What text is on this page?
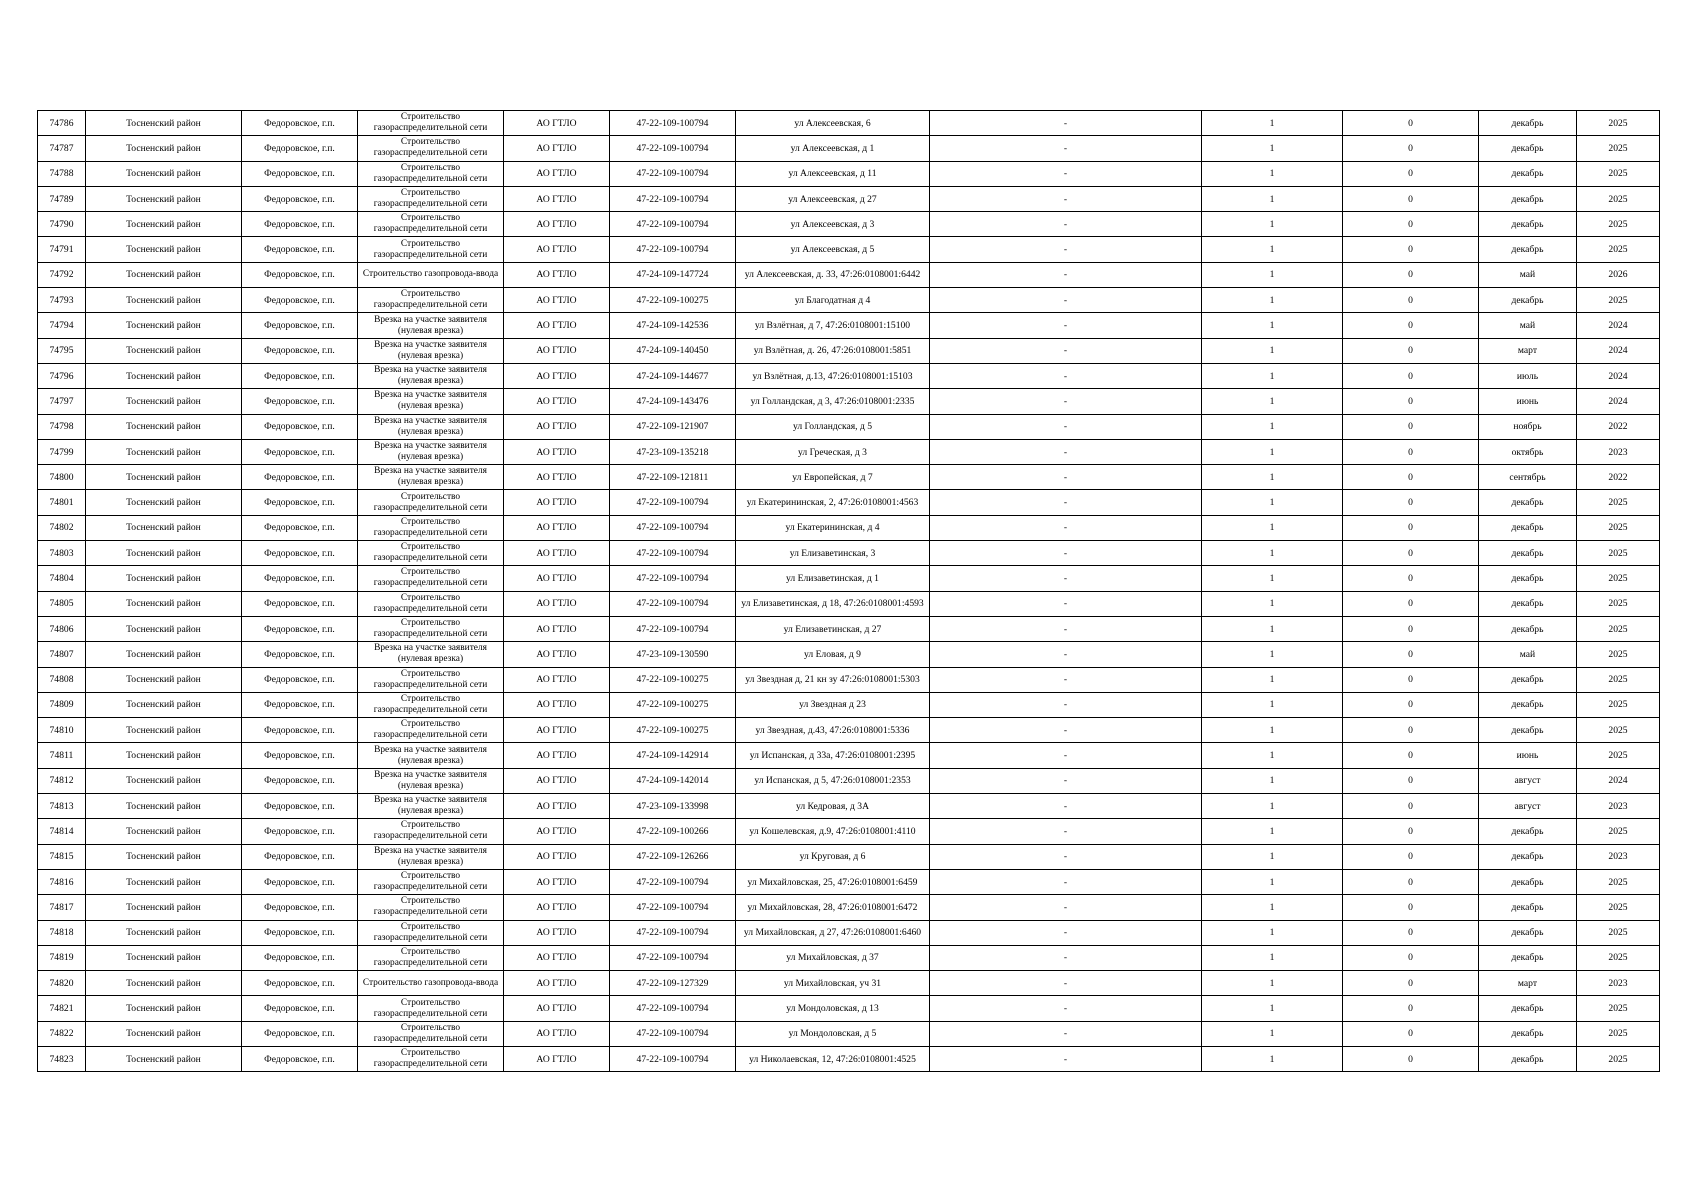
74786	Тосненский район	Федоровское, г.п.	Строительство газораспределительной сети	АО ГТЛО	47-22-109-100794	ул Алексеевская, 6	-	1	0	декабрь	2025
74787	Тосненский район	Федоровское, г.п.	Строительство газораспределительной сети	АО ГТЛО	47-22-109-100794	ул Алексеевская, д 1	-	1	0	декабрь	2025
74788	Тосненский район	Федоровское, г.п.	Строительство газораспределительной сети	АО ГТЛО	47-22-109-100794	ул Алексеевская, д 11	-	1	0	декабрь	2025
74789	Тосненский район	Федоровское, г.п.	Строительство газораспределительной сети	АО ГТЛО	47-22-109-100794	ул Алексеевская, д 27	-	1	0	декабрь	2025
74790	Тосненский район	Федоровское, г.п.	Строительство газораспределительной сети	АО ГТЛО	47-22-109-100794	ул Алексеевская, д 3	-	1	0	декабрь	2025
74791	Тосненский район	Федоровское, г.п.	Строительство газораспределительной сети	АО ГТЛО	47-22-109-100794	ул Алексеевская, д 5	-	1	0	декабрь	2025
74792	Тосненский район	Федоровское, г.п.	Строительство газопровода-ввода	АО ГТЛО	47-24-109-147724	ул Алексеевская, д. 33, 47:26:0108001:6442	-	1	0	май	2026
74793	Тосненский район	Федоровское, г.п.	Строительство газораспределительной сети	АО ГТЛО	47-22-109-100275	ул Благодатная д 4	-	1	0	декабрь	2025
74794	Тосненский район	Федоровское, г.п.	Врезка на участке заявителя (нулевая врезка)	АО ГТЛО	47-24-109-142536	ул Взлётная, д 7, 47:26:0108001:15100	-	1	0	май	2024
74795	Тосненский район	Федоровское, г.п.	Врезка на участке заявителя (нулевая врезка)	АО ГТЛО	47-24-109-140450	ул Взлётная, д. 26, 47:26:0108001:5851	-	1	0	март	2024
74796	Тосненский район	Федоровское, г.п.	Врезка на участке заявителя (нулевая врезка)	АО ГТЛО	47-24-109-144677	ул Взлётная, д.13, 47:26:0108001:15103	-	1	0	июль	2024
74797	Тосненский район	Федоровское, г.п.	Врезка на участке заявителя (нулевая врезка)	АО ГТЛО	47-24-109-143476	ул Голландская, д 3, 47:26:0108001:2335	-	1	0	июнь	2024
74798	Тосненский район	Федоровское, г.п.	Врезка на участке заявителя (нулевая врезка)	АО ГТЛО	47-22-109-121907	ул Голландская, д 5	-	1	0	ноябрь	2022
74799	Тосненский район	Федоровское, г.п.	Врезка на участке заявителя (нулевая врезка)	АО ГТЛО	47-23-109-135218	ул Греческая, д 3	-	1	0	октябрь	2023
74800	Тосненский район	Федоровское, г.п.	Врезка на участке заявителя (нулевая врезка)	АО ГТЛО	47-22-109-121811	ул Европейская, д 7	-	1	0	сентябрь	2022
74801	Тосненский район	Федоровское, г.п.	Строительство газораспределительной сети	АО ГТЛО	47-22-109-100794	ул Екатерининская, 2, 47:26:0108001:4563	-	1	0	декабрь	2025
74802	Тосненский район	Федоровское, г.п.	Строительство газораспределительной сети	АО ГТЛО	47-22-109-100794	ул Екатерининская, д 4	-	1	0	декабрь	2025
74803	Тосненский район	Федоровское, г.п.	Строительство газораспределительной сети	АО ГТЛО	47-22-109-100794	ул Елизаветинская, 3	-	1	0	декабрь	2025
74804	Тосненский район	Федоровское, г.п.	Строительство газораспределительной сети	АО ГТЛО	47-22-109-100794	ул Елизаветинская, д 1	-	1	0	декабрь	2025
74805	Тосненский район	Федоровское, г.п.	Строительство газораспределительной сети	АО ГТЛО	47-22-109-100794	ул Елизаветинская, д 18, 47:26:0108001:4593	-	1	0	декабрь	2025
74806	Тосненский район	Федоровское, г.п.	Строительство газораспределительной сети	АО ГТЛО	47-22-109-100794	ул Елизаветинская, д 27	-	1	0	декабрь	2025
74807	Тосненский район	Федоровское, г.п.	Врезка на участке заявителя (нулевая врезка)	АО ГТЛО	47-23-109-130590	ул Еловая, д 9	-	1	0	май	2025
74808	Тосненский район	Федоровское, г.п.	Строительство газораспределительной сети	АО ГТЛО	47-22-109-100275	ул Звездная д, 21 кн зу 47:26:0108001:5303	-	1	0	декабрь	2025
74809	Тосненский район	Федоровское, г.п.	Строительство газораспределительной сети	АО ГТЛО	47-22-109-100275	ул Звездная д 23	-	1	0	декабрь	2025
74810	Тосненский район	Федоровское, г.п.	Строительство газораспределительной сети	АО ГТЛО	47-22-109-100275	ул Звездная, д.43, 47:26:0108001:5336	-	1	0	декабрь	2025
74811	Тосненский район	Федоровское, г.п.	Врезка на участке заявителя (нулевая врезка)	АО ГТЛО	47-24-109-142914	ул Испанская, д 33а, 47:26:0108001:2395	-	1	0	июнь	2025
74812	Тосненский район	Федоровское, г.п.	Врезка на участке заявителя (нулевая врезка)	АО ГТЛО	47-24-109-142014	ул Испанская, д 5, 47:26:0108001:2353	-	1	0	август	2024
74813	Тосненский район	Федоровское, г.п.	Врезка на участке заявителя (нулевая врезка)	АО ГТЛО	47-23-109-133998	ул Кедровая, д 3А	-	1	0	август	2023
74814	Тосненский район	Федоровское, г.п.	Строительство газораспределительной сети	АО ГТЛО	47-22-109-100266	ул Кошелевская, д.9, 47:26:0108001:4110	-	1	0	декабрь	2025
74815	Тосненский район	Федоровское, г.п.	Врезка на участке заявителя (нулевая врезка)	АО ГТЛО	47-22-109-126266	ул Круговая, д 6	-	1	0	декабрь	2023
74816	Тосненский район	Федоровское, г.п.	Строительство газораспределительной сети	АО ГТЛО	47-22-109-100794	ул Михайловская, 25, 47:26:0108001:6459	-	1	0	декабрь	2025
74817	Тосненский район	Федоровское, г.п.	Строительство газораспределительной сети	АО ГТЛО	47-22-109-100794	ул Михайловская, 28, 47:26:0108001:6472	-	1	0	декабрь	2025
74818	Тосненский район	Федоровское, г.п.	Строительство газораспределительной сети	АО ГТЛО	47-22-109-100794	ул Михайловская, д 27, 47:26:0108001:6460	-	1	0	декабрь	2025
74819	Тосненский район	Федоровское, г.п.	Строительство газораспределительной сети	АО ГТЛО	47-22-109-100794	ул Михайловская, д 37	-	1	0	декабрь	2025
74820	Тосненский район	Федоровское, г.п.	Строительство газопровода-ввода	АО ГТЛО	47-22-109-127329	ул Михайловская, уч 31	-	1	0	март	2023
74821	Тосненский район	Федоровское, г.п.	Строительство газораспределительной сети	АО ГТЛО	47-22-109-100794	ул Мондоловская, д 13	-	1	0	декабрь	2025
74822	Тосненский район	Федоровское, г.п.	Строительство газораспределительной сети	АО ГТЛО	47-22-109-100794	ул Мондоловская, д 5	-	1	0	декабрь	2025
74823	Тосненский район	Федоровское, г.п.	Строительство газораспределительной сети	АО ГТЛО	47-22-109-100794	ул Николаевская, 12, 47:26:0108001:4525	-	1	0	декабрь	2025
